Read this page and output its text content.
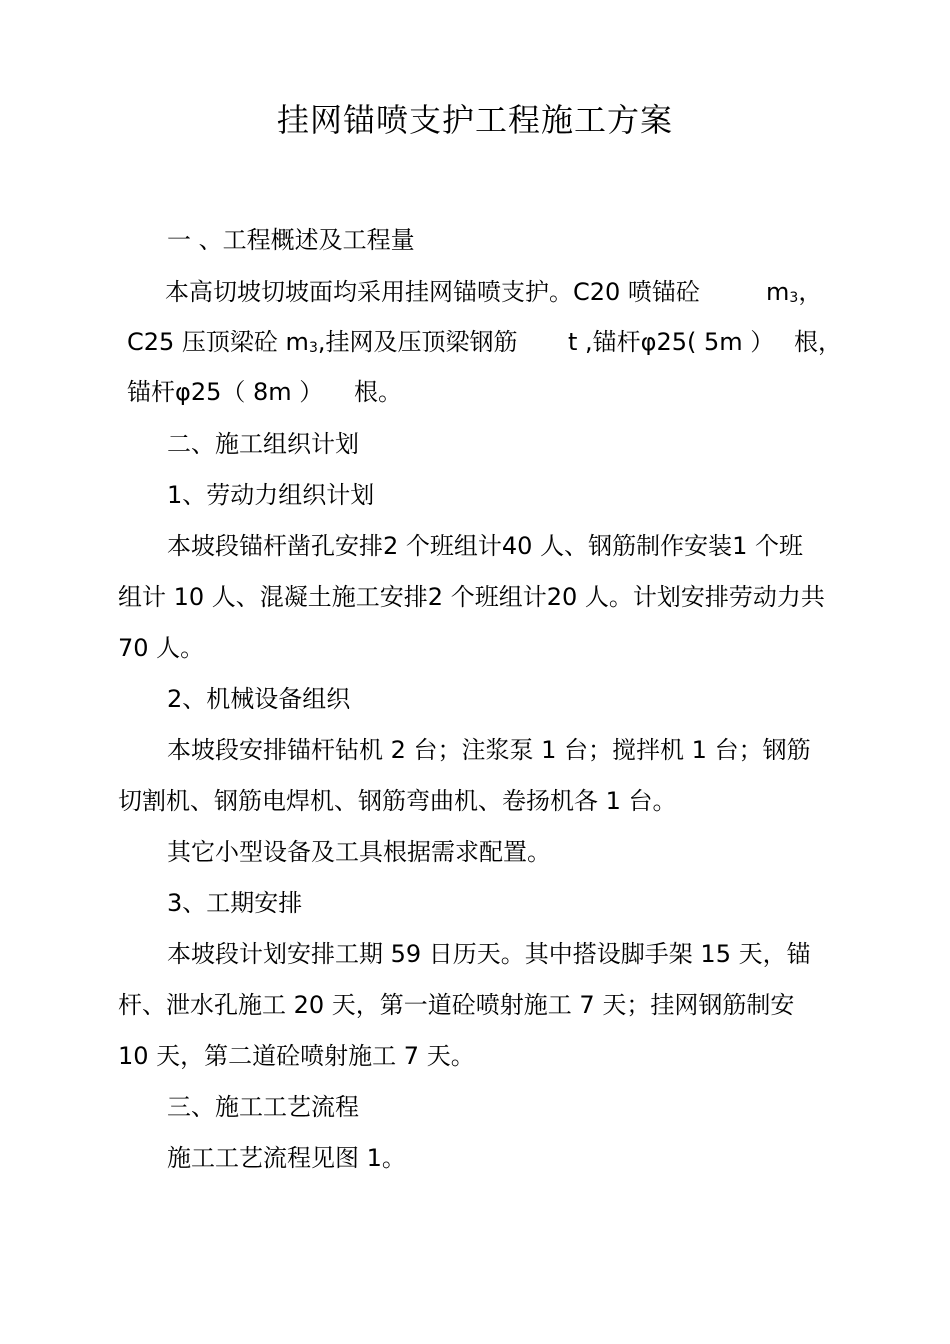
挂网锚喷支护工程施工方案
一 、工程概述及工程量
本高切坡切坡面均采用挂网锚喷支护。C20 喷锚砼	$m_3$，
C25 压顶梁砼 $m_3$,挂网及压顶梁钢筋 t ,锚杆φ25( 5m ） 根，
锚杆φ25（ 8m ） 根。
二、施工组织计划
1、劳动力组织计划
本坡段锚杆凿孔安排2 个班组计40 人、钢筋制作安装1 个班
组计 10 人、混凝土施工安排2 个班组计20 人。计划安排劳动力共
70 人。
2、机械设备组织
本坡段安排锚杆钻机 2 台；注浆泵 1 台；搅拌机 1 台；钢筋
切割机、钢筋电焊机、钢筋弯曲机、卷扬机各 1 台。
其它小型设备及工具根据需求配置。
3、工期安排
本坡段计划安排工期 59 日历天。其中搭设脚手架 15 天，锚
杆、泄水孔施工 20 天，第一道砼喷射施工 7 天；挂网钢筋制安
10 天，第二道砼喷射施工 7 天。
三、施工工艺流程
施工工艺流程见图 1。
